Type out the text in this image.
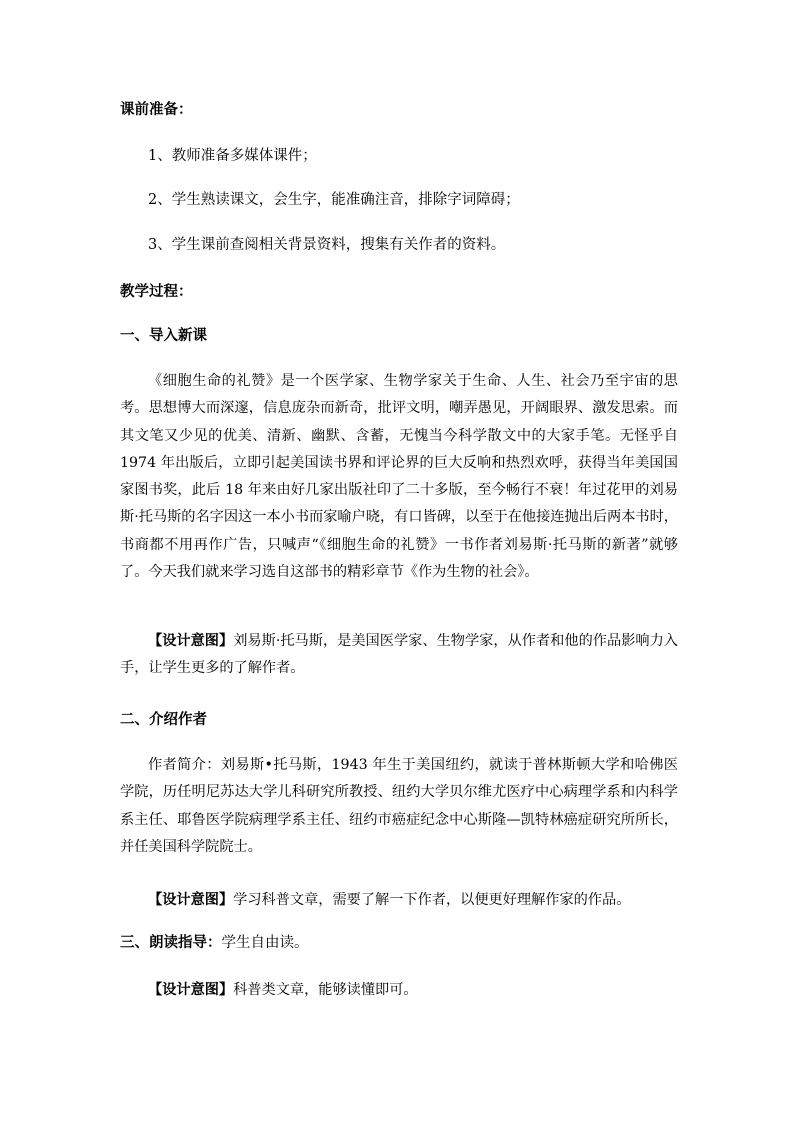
课前准备：
1、教师准备多媒体课件；
2、学生熟读课文，会生字，能准确注音，排除字词障碍；
3、学生课前查阅相关背景资料，搜集有关作者的资料。
教学过程：
一、导入新课
《细胞生命的礼赞》是一个医学家、生物学家关于生命、人生、社会乃至宇宙的思考。思想博大而深邃，信息庞杂而新奇，批评文明，嘲弄愚见，开阔眼界、激发思索。而其文笔又少见的优美、清新、幽默、含蓄，无愧当今科学散文中的大家手笔。无怪乎自 1974 年出版后，立即引起美国读书界和评论界的巨大反响和热烈欢呼，获得当年美国国家图书奖，此后 18 年来由好几家出版社印了二十多版，至今畅行不衰！年过花甲的刘易斯·托马斯的名字因这一本小书而家喻户晓，有口皆碑，以至于在他接连抛出后两本书时，书商都不用再作广告，只喊声“《细胞生命的礼赞》一书作者刘易斯·托马斯的新著”就够了。今天我们就来学习选自这部书的精彩章节《作为生物的社会》。
【设计意图】刘易斯·托马斯，是美国医学家、生物学家，从作者和他的作品影响力入手，让学生更多的了解作者。
二、介绍作者
作者简介：刘易斯•托马斯，1943 年生于美国纽约，就读于普林斯顿大学和哈佛医学院，历任明尼苏达大学儿科研究所教授、纽约大学贝尔维尤医疗中心病理学系和内科学系主任、耶鲁医学院病理学系主任、纽约市癌症纪念中心斯隆—凯特林癌症研究所所长，并任美国科学院院士。
【设计意图】学习科普文章，需要了解一下作者，以便更好理解作家的作品。
三、朗读指导：学生自由读。
【设计意图】科普类文章，能够读懂即可。
